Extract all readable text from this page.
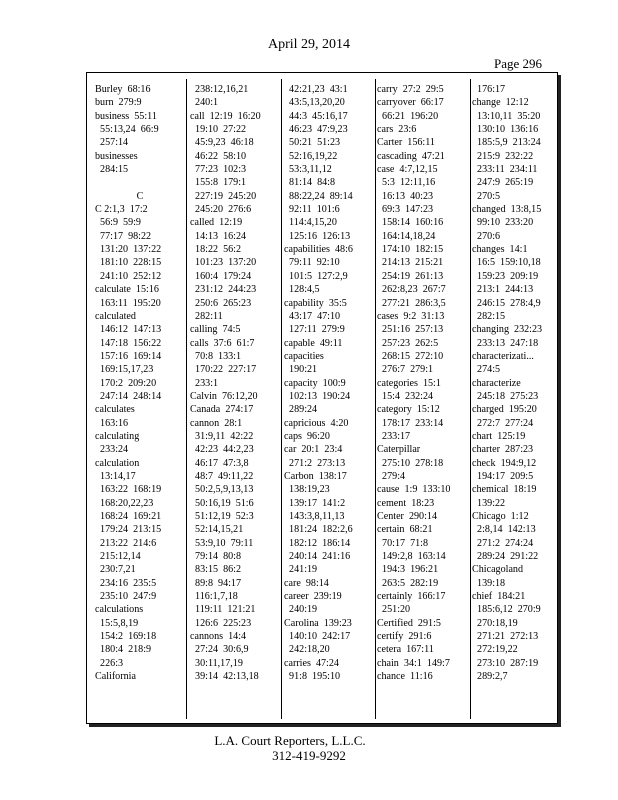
April 29, 2014
Page 296
Burley  68:16
burn  279:9
business  55:11
55:13,24  66:9
257:14
businesses
284:15

C
C 2:1,3  17:2
56:9  59:9
77:17  98:22
131:20  137:22
181:10  228:15
241:10  252:12
calculate  15:16
163:11  195:20
calculated
146:12  147:13
147:18  156:22
157:16  169:14
169:15,17,23
170:2  209:20
247:14  248:14
calculates
163:16
calculating
233:24
calculation
13:14,17
163:22  168:19
168:20,22,23
168:24  169:21
179:24  213:15
213:22  214:6
215:12,14
230:7,21
234:16  235:5
235:10  247:9
calculations
15:5,8,19
154:2  169:18
180:4  218:9
226:3
California
238:12,16,21
240:1
call  12:19  16:20
19:10  27:22
45:9,23  46:18
46:22  58:10
77:23  102:3
155:8  179:1
227:19  245:20
245:20  276:6
called  12:19
14:13  16:24
18:22  56:2
101:23  137:20
160:4  179:24
231:12  244:23
250:6  265:23
282:11
calling  74:5
calls  37:6  61:7
70:8  133:1
170:22  227:17
233:1
Calvin  76:12,20
Canada  274:17
cannon  28:1
31:9,11  42:22
42:23  44:2,23
46:17  47:3,8
48:7  49:11,22
50:2,5,9,13,13
50:16,19  51:6
51:12,19  52:3
52:14,15,21
53:9,10  79:11
79:14  80:8
83:15  86:2
89:8  94:17
116:1,7,18
119:11  121:21
126:6  225:23
cannons  14:4
27:24  30:6,9
30:11,17,19
39:14  42:13,18
42:21,23  43:1
43:5,13,20,20
44:3  45:16,17
46:23  47:9,23
50:21  51:23
52:16,19,22
53:3,11,12
81:14  84:8
88:22,24  89:14
92:11  101:6
114:4,15,20
125:16  126:13
capabilities  48:6
79:11  92:10
101:5  127:2,9
128:4,5
capability  35:5
43:17  47:10
127:11  279:9
capable  49:11
capacities
190:21
capacity  100:9
102:13  190:24
289:24
capricious  4:20
caps  96:20
car  20:1  23:4
271:2  273:13
Carbon  138:17
138:19,23
139:17  141:2
143:3,8,11,13
181:24  182:2,6
182:12  186:14
240:14  241:16
241:19
care  98:14
career  239:19
240:19
Carolina  139:23
140:10  242:17
242:18,20
carries  47:24
91:8  195:10
carry  27:2  29:5
carryover  66:17
66:21  196:20
cars  23:6
Carter  156:11
cascading  47:21
case  4:7,12,15
5:3  12:11,16
16:13  40:23
69:3  147:23
158:14  160:16
164:14,18,24
174:10  182:15
214:13  215:21
254:19  261:13
262:8,23  267:7
277:21  286:3,5
cases  9:2  31:13
251:16  257:13
257:23  262:5
268:15  272:10
276:7  279:1
categories  15:1
15:4  232:24
category  15:12
178:17  233:14
233:17
Caterpillar
275:10  278:18
279:4
cause  1:9  133:10
cement  18:23
Center  290:14
certain  68:21
70:17  71:8
149:2,8  163:14
194:3  196:21
263:5  282:19
certainly  166:17
251:20
Certified  291:5
certify  291:6
cetera  167:11
chain  34:1  149:7
chance  11:16
176:17
change  12:12
13:10,11  35:20
130:10  136:16
185:5,9  213:24
215:9  232:22
233:11  234:11
247:9  265:19
270:5
changed  13:8,15
99:10  233:20
270:6
changes  14:1
16:5  159:10,18
159:23  209:19
213:1  244:13
246:15  278:4,9
282:15
changing  232:23
233:13  247:18
characterizati...
274:5
characterize
245:18  275:23
charged  195:20
272:7  277:24
chart  125:19
charter  287:23
check  194:9,12
194:17  209:5
chemical  18:19
139:22
Chicago  1:12
2:8,14  142:13
271:2  274:24
289:24  291:22
Chicagoland
139:18
chief  184:21
185:6,12  270:9
270:18,19
271:21  272:13
272:19,22
273:10  287:19
289:2,7
L.A. Court Reporters, L.L.C.
312-419-9292
